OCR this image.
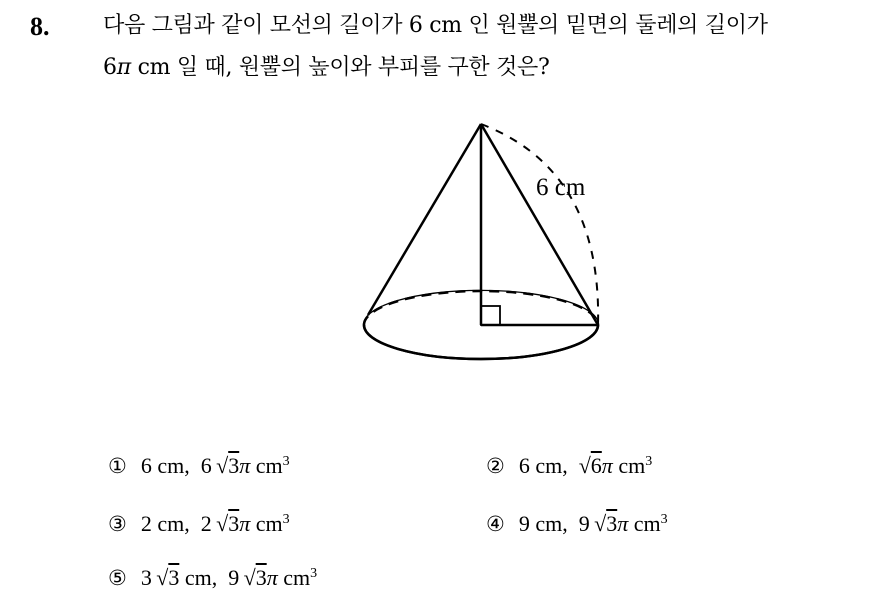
8. 다음 그림과 같이 모선의 길이가 6 cm 인 원뿔의 밑면의 둘레의 길이가
6π cm 일 때, 원뿔의 높이와 부피를 구한 것은?
6 cm
① 6 cm, 6 √3π $cm^3$	② 6 cm,  √6π $cm^3$
③ 2 cm, 2 √3π $cm^3$	④ 9 cm, 9 √3π $cm^3$
⑤ 3 √3 cm, 9 √3π $cm^3$
